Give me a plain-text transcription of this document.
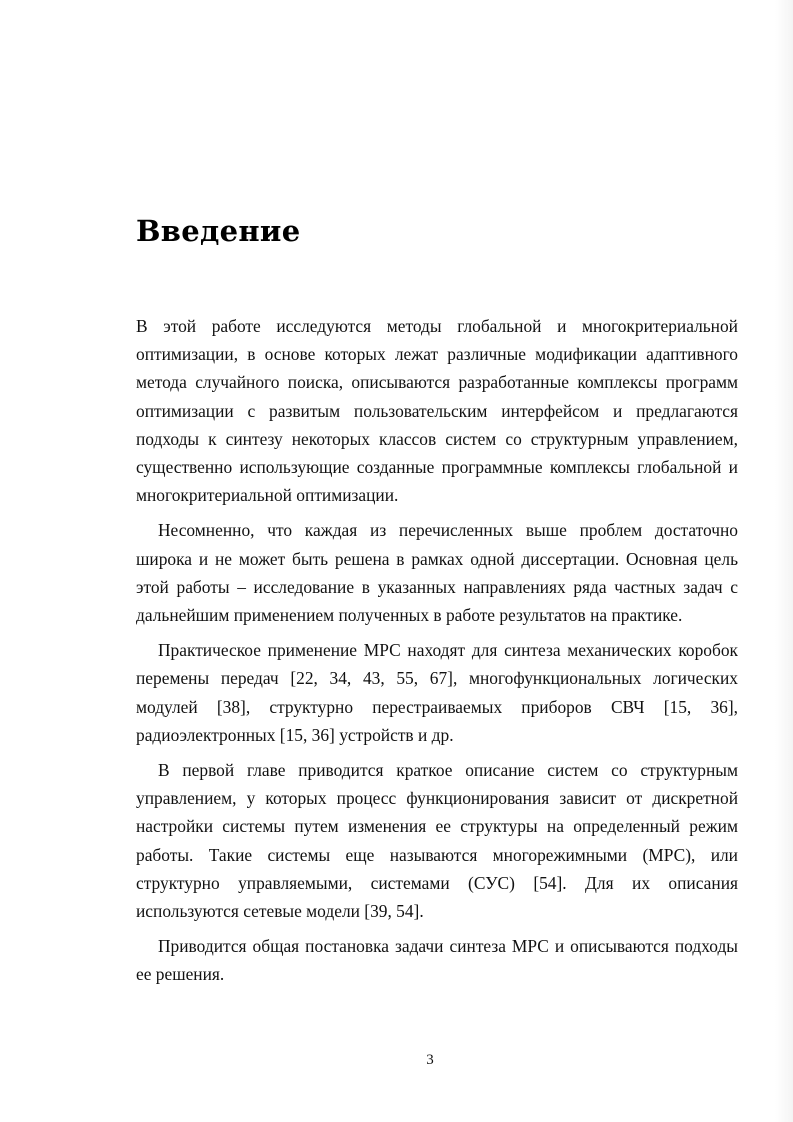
Введение

В этой работе исследуются методы глобальной и многокритериальной оптимизации, в основе которых лежат различные модификации адаптивного метода случайного поиска, описываются разработанные комплексы программ оптимизации с развитым пользовательским интерфейсом и предлагаются подходы к синтезу некоторых классов систем со структурным управлением, существенно использующие созданные программные комплексы глобальной и многокритериальной оптимизации.

Несомненно, что каждая из перечисленных выше проблем достаточно широка и не может быть решена в рамках одной диссертации. Основная цель этой работы – исследование в указанных направлениях ряда частных задач с дальнейшим применением полученных в работе результатов на практике.

Практическое применение МРС находят для синтеза механических коробок перемены передач [22, 34, 43, 55, 67], многофункциональных логических модулей [38], структурно перестраиваемых приборов СВЧ [15, 36], радиоэлектронных [15, 36] устройств и др.

В первой главе приводится краткое описание систем со структурным управлением, у которых процесс функционирования зависит от дискретной настройки системы путем изменения ее структуры на определенный режим работы. Такие системы еще называются многорежимными (МРС), или структурно управляемыми, системами (СУС) [54]. Для их описания используются сетевые модели [39, 54].

Приводится общая постановка задачи синтеза МРС и описываются подходы ее решения.

3
